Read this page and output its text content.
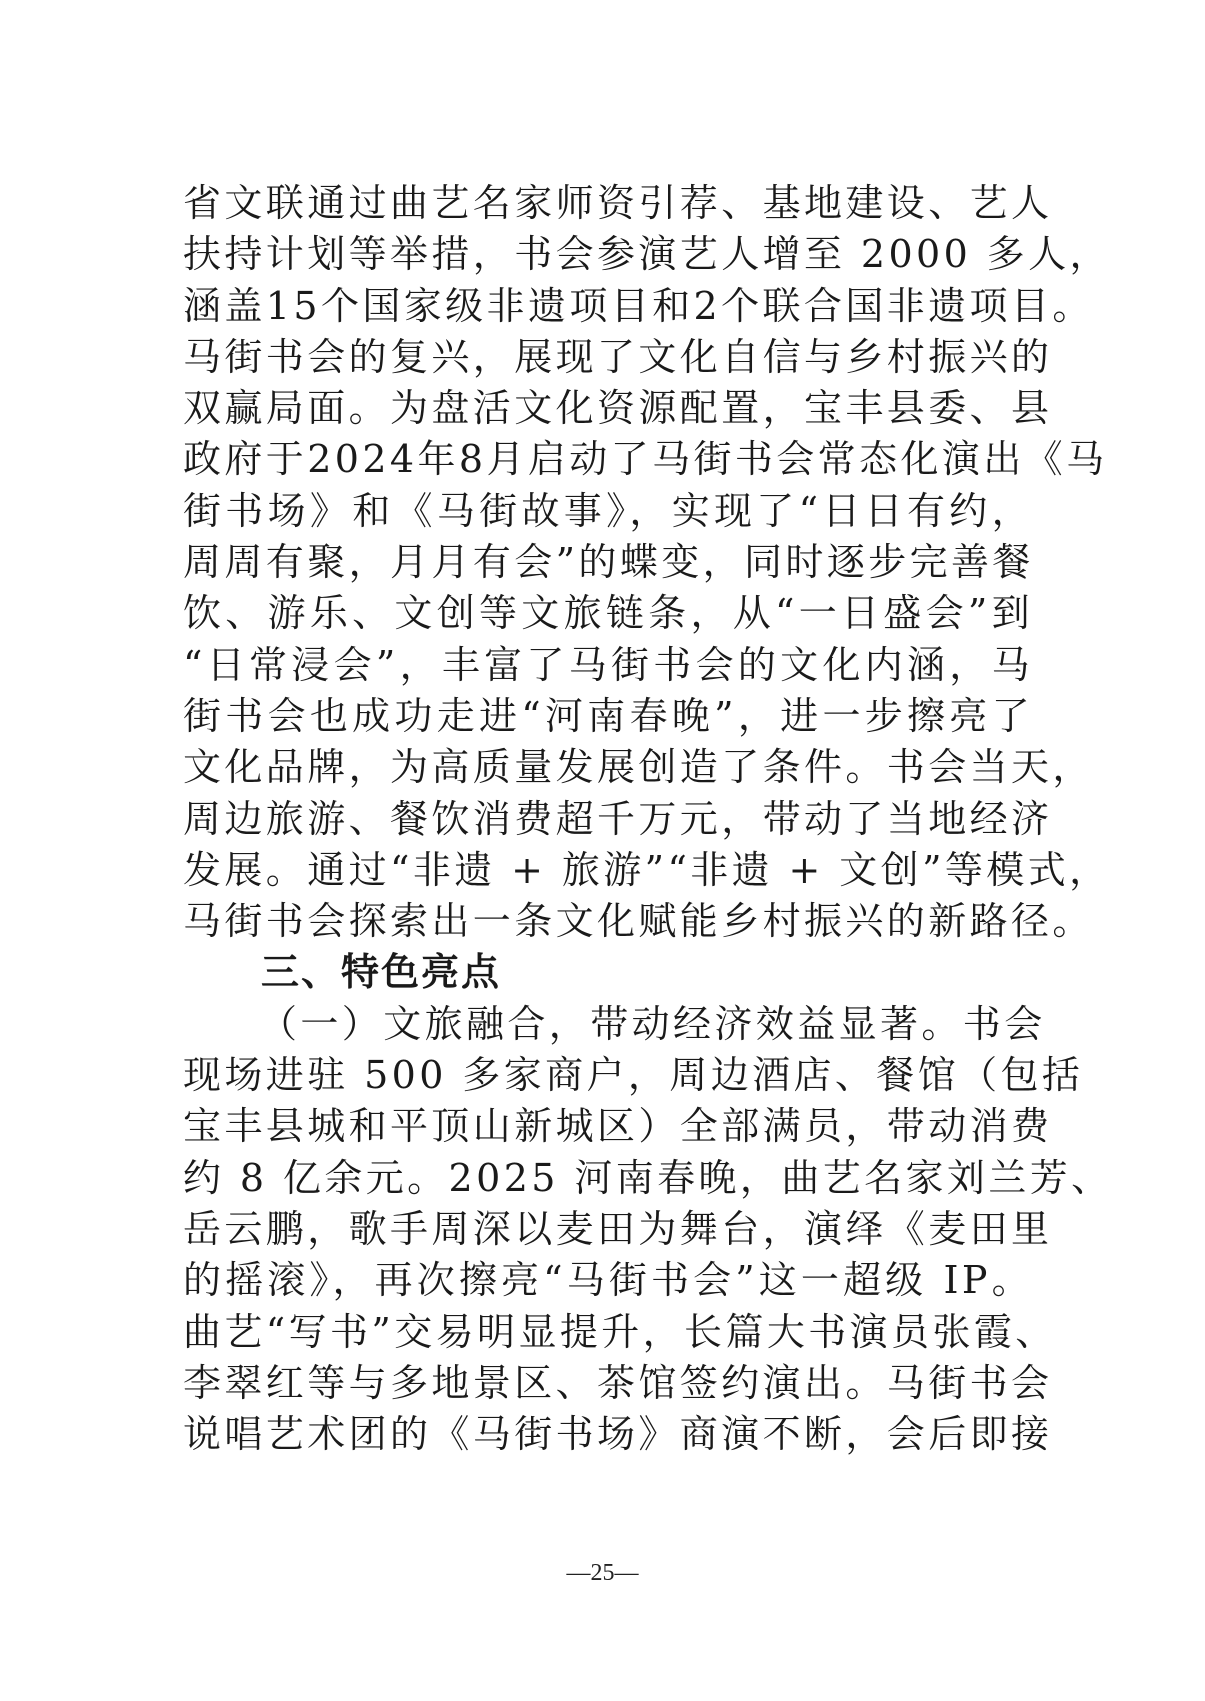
省文联通过曲艺名家师资引荐、基地建设、艺人
扶持计划等举措，书会参演艺人增至 2000 多人，
涵盖15个国家级非遗项目和2个联合国非遗项目。
马街书会的复兴，展现了文化自信与乡村振兴的
双赢局面。为盘活文化资源配置，宝丰县委、县
政府于2024年8月启动了马街书会常态化演出《马
街书场》和《马街故事》，实现了“日日有约，
周周有聚，月月有会”的蝶变，同时逐步完善餐
饮、游乐、文创等文旅链条，从“一日盛会”到
“日常浸会”，丰富了马街书会的文化内涵，马
街书会也成功走进“河南春晚”，进一步擦亮了
文化品牌，为高质量发展创造了条件。书会当天，
周边旅游、餐饮消费超千万元，带动了当地经济
发展。通过“非遗 + 旅游”“非遗 + 文创”等模式，
马街书会探索出一条文化赋能乡村振兴的新路径。
三、特色亮点
（一）文旅融合，带动经济效益显著。书会
现场进驻 500 多家商户，周边酒店、餐馆（包括
宝丰县城和平顶山新城区）全部满员，带动消费
约 8 亿余元。2025 河南春晚，曲艺名家刘兰芳、
岳云鹏，歌手周深以麦田为舞台，演绎《麦田里
的摇滚》，再次擦亮“马街书会”这一超级 IP。
曲艺“写书”交易明显提升，长篇大书演员张霞、
李翠红等与多地景区、茶馆签约演出。马街书会
说唱艺术团的《马街书场》商演不断，会后即接
—25—
